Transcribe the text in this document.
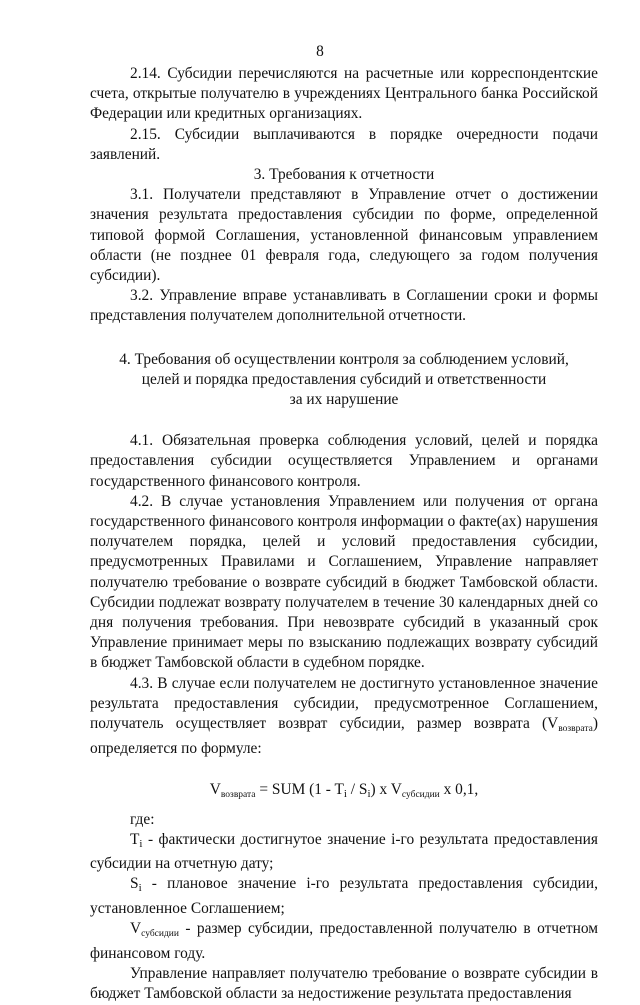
8

2.14. Субсидии перечисляются на расчетные или корреспондентские счета, открытые получателю в учреждениях Центрального банка Российской Федерации или кредитных организациях.

2.15. Субсидии выплачиваются в порядке очередности подачи заявлений.

3. Требования к отчетности

3.1. Получатели представляют в Управление отчет о достижении значения результата предоставления субсидии по форме, определенной типовой формой Соглашения, установленной финансовым управлением области (не позднее 01 февраля года, следующего за годом получения субсидии).

3.2. Управление вправе устанавливать в Соглашении сроки и формы представления получателем дополнительной отчетности.

4. Требования об осуществлении контроля за соблюдением условий,
целей и порядка предоставления субсидий и ответственности
за их нарушение

4.1. Обязательная проверка соблюдения условий, целей и порядка предоставления субсидии осуществляется Управлением и органами государственного финансового контроля.

4.2. В случае установления Управлением или получения от органа государственного финансового контроля информации о факте(ах) нарушения получателем порядка, целей и условий предоставления субсидии, предусмотренных Правилами и Соглашением, Управление направляет получателю требование о возврате субсидий в бюджет Тамбовской области. Субсидии подлежат возврату получателем в течение 30 календарных дней со дня получения требования. При невозврате субсидий в указанный срок Управление принимает меры по взысканию подлежащих возврату субсидий в бюджет Тамбовской области в судебном порядке.

4.3. В случае если получателем не достигнуто установленное значение результата предоставления субсидии, предусмотренное Соглашением, получатель осуществляет возврат субсидии, размер возврата $(V_{возврата})$ определяется по формуле:

$V_{возврата}$ = SUM (1 - Ti / Si) x $V_{субсидии}$ x 0,1,

где:

Ti - фактически достигнутое значение i-го результата предоставления субсидии на отчетную дату;

Si - плановое значение i-го результата предоставления субсидии, установленное Соглашением;

$V_{субсидии}$ - размер субсидии, предоставленной получателю в отчетном финансовом году.

Управление направляет получателю требование о возврате субсидии в бюджет Тамбовской области за недостижение результата предоставления
